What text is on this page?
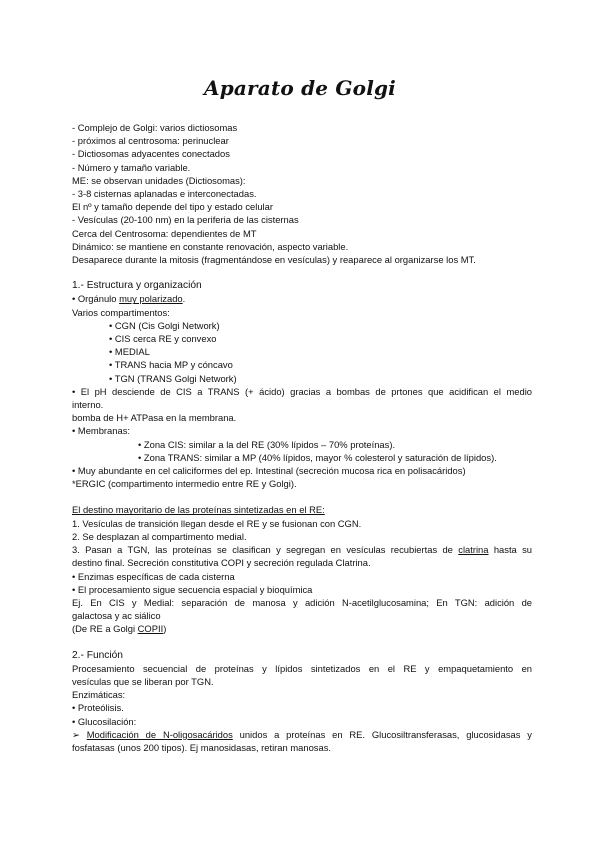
Aparato de Golgi
- Complejo de Golgi: varios dictiosomas
- próximos al centrosoma: perinuclear
- Dictiosomas adyacentes conectados
- Número y tamaño variable.
ME: se observan unidades (Dictiosomas):
- 3-8 cisternas aplanadas e interconectadas.
El nº y tamaño depende del tipo y estado celular
- Vesículas (20-100 nm) en la periferia de las cisternas
Cerca del Centrosoma: dependientes de MT
Dinámico: se mantiene en constante renovación, aspecto variable.
Desaparece durante la mitosis (fragmentándose en vesículas) y reaparece al organizarse los MT.
1.- Estructura y organización
• Orgánulo muy polarizado.
Varios compartimentos:
• CGN (Cis Golgi Network)
• CIS cerca RE y convexo
• MEDIAL
• TRANS hacia MP y cóncavo
• TGN (TRANS Golgi Network)
• El pH desciende de CIS a TRANS (+ ácido) gracias a bombas de prtones que acidifican el medio
interno.
bomba de H+ ATPasa en la membrana.
• Membranas:
• Zona CIS: similar a la del RE (30% lípidos – 70% proteínas).
• Zona TRANS: similar a MP (40% lípidos, mayor % colesterol y saturación de lípidos).
• Muy abundante en cel caliciformes del ep. Intestinal (secreción mucosa rica en polisacáridos)
*ERGIC (compartimento intermedio entre RE y Golgi).
El destino mayoritario de las proteínas sintetizadas en el RE:
1. Vesículas de transición llegan desde el RE y se fusionan con CGN.
2. Se desplazan al compartimento medial.
3. Pasan a TGN, las proteínas se clasifican y segregan en vesículas recubiertas de clatrina hasta su
destino final. Secreción constitutiva COPI y secreción regulada Clatrina.
• Enzimas específicas de cada cisterna
• El procesamiento sigue secuencia espacial y bioquímica
Ej. En CIS y Medial: separación de manosa y adición N-acetilglucosamina; En TGN: adición de
galactosa y ac siálico
(De RE a Golgi COPII)
2.- Función
Procesamiento secuencial de proteínas y lípidos sintetizados en el RE y empaquetamiento en
vesículas que se liberan por TGN.
Enzimáticas:
• Proteólisis.
• Glucosilación:
➢ Modificación de N-oligosacáridos unidos a proteínas en RE. Glucosiltransferasas, glucosidasas y
fosfatasas (unos 200 tipos). Ej manosidasas, retiran manosas.
